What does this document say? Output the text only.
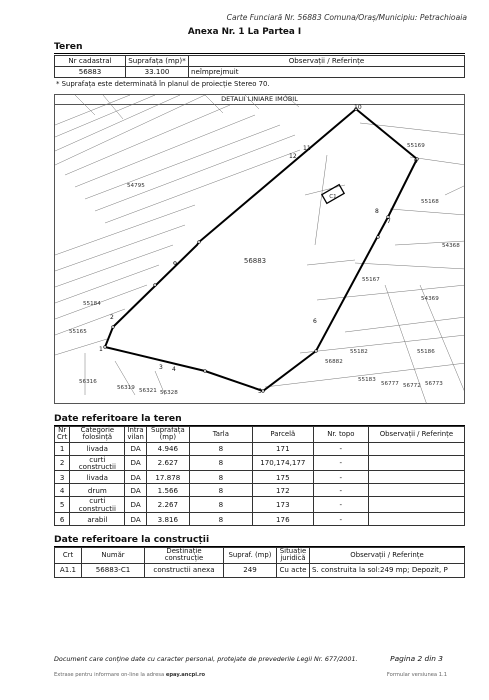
Carte Funciară Nr. 56883 Comuna/Oraș/Municipiu: Petrachioaia
Anexa Nr. 1 La Partea I
Teren
Nr cadastral	Suprafața (mp)*	Observații / Referințe
56883	33.100	neîmprejmuit
* Suprafața este determinată în planul de proiecție Stereo 70.
DETALII LINIARE IMOBIL
C1
56883
54795
55169
55168
54368
55167
54369
55184
55165
56882
55182	55186
56316
56319 56321 56328
55183
56777 56772 56773
1
2
3 4
5
6
7
8
9
10
11
12
Date referitoare la teren
Nr Crt	Categorie folosință	Intra vilan	Suprafața (mp)	Tarla	Parcelă	Nr. topo	Observații / Referințe
1	livada	DA	4.946	8	171	-	
2	curti constructii	DA	2.627	8	170,174,177	-	
3	livada	DA	17.878	8	175	-	
4	drum	DA	1.566	8	172	-	
5	curti constructii	DA	2.267	8	173	-	
6	arabil	DA	3.816	8	176	-	
Date referitoare la construcții
Crt	Număr	Destinație construcție	Supraf. (mp)	Situație juridică	Observații / Referințe
A1.1	56883-C1	constructii anexa	249	Cu acte	S. construita la sol:249 mp; Depozit, P
Document care conține date cu caracter personal, protejate de prevederile Legii Nr. 677/2001.	Pagina 2 din 3
Extrase pentru informare on-line la adresa epay.ancpi.ro	Formular versiunea 1.1
